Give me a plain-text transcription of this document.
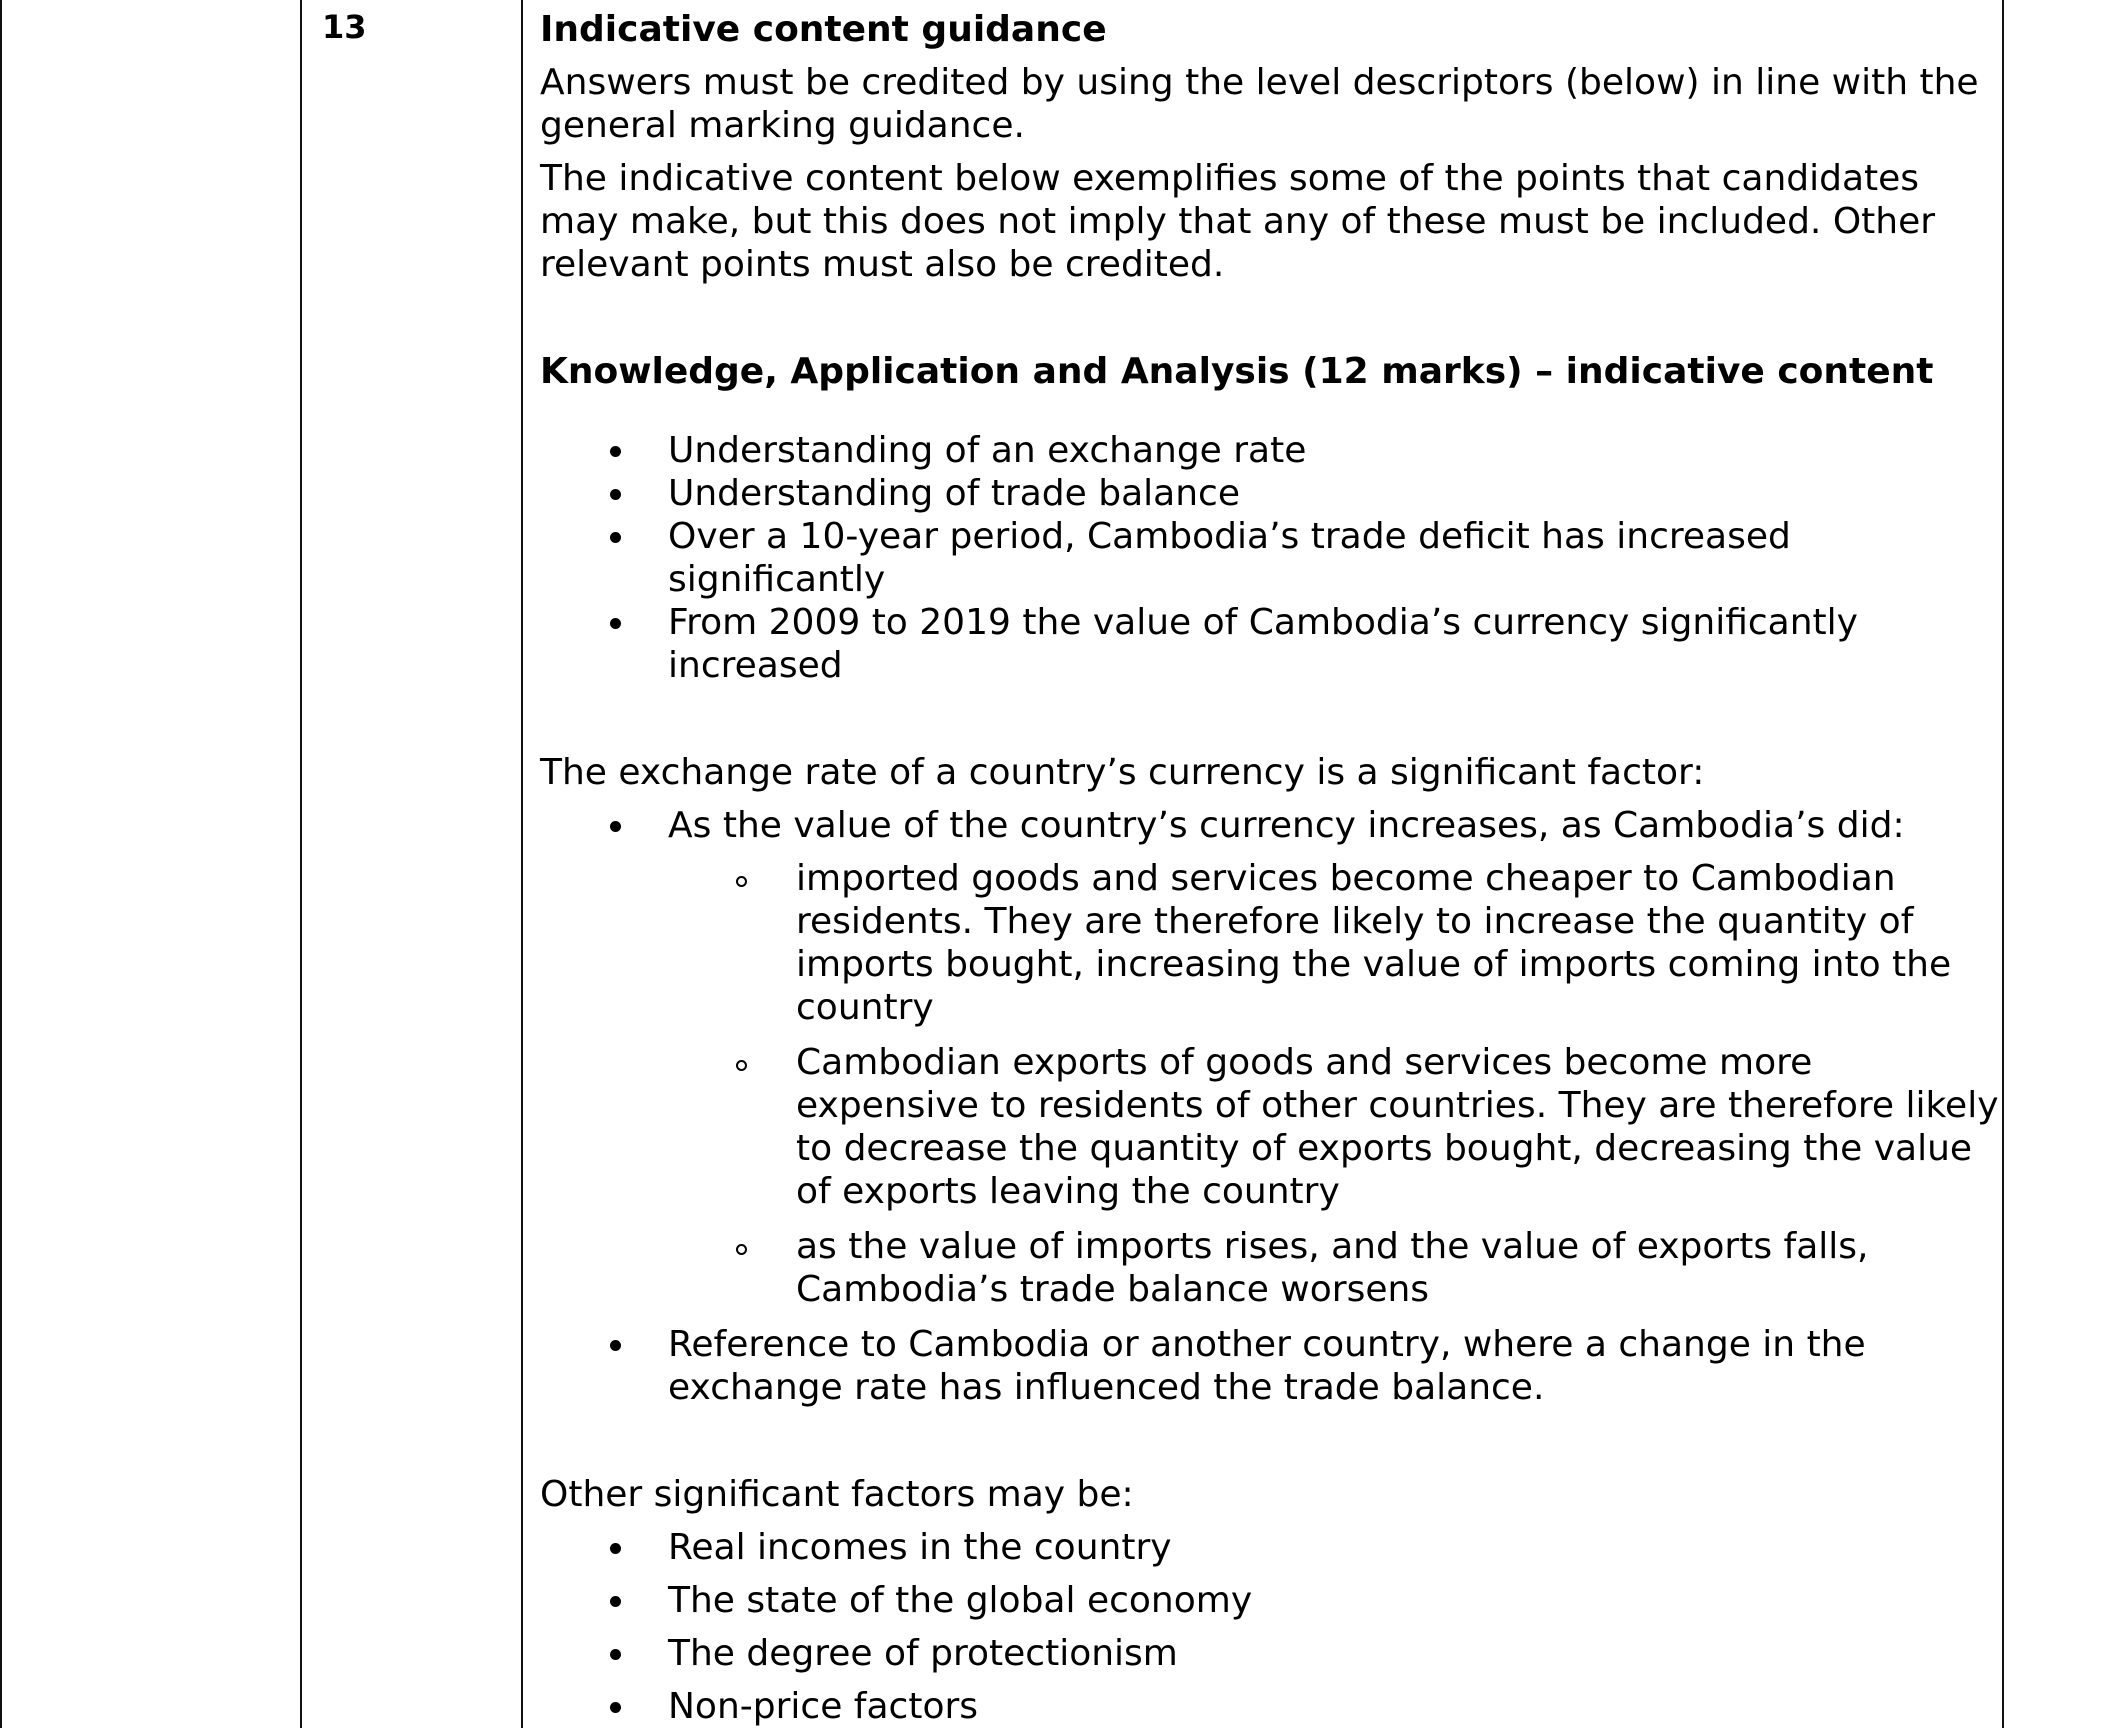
13	Indicative content guidance

Answers must be credited by using the level descriptors (below) in line with the general marking guidance.

The indicative content below exemplifies some of the points that candidates may make, but this does not imply that any of these must be included. Other relevant points must also be credited.

Knowledge, Application and Analysis (12 marks) – indicative content

Understanding of an exchange rate
Understanding of trade balance
Over a 10-year period, Cambodia’s trade deficit has increased significantly
From 2009 to 2019 the value of Cambodia’s currency significantly increased

The exchange rate of a country’s currency is a significant factor:

As the value of the country’s currency increases, as Cambodia’s did:
imported goods and services become cheaper to Cambodian residents. They are therefore likely to increase the quantity of imports bought, increasing the value of imports coming into the country
Cambodian exports of goods and services become more expensive to residents of other countries. They are therefore likely to decrease the quantity of exports bought, decreasing the value of exports leaving the country
as the value of imports rises, and the value of exports falls, Cambodia’s trade balance worsens
Reference to Cambodia or another country, where a change in the exchange rate has influenced the trade balance.

Other significant factors may be:

Real incomes in the country
The state of the global economy
The degree of protectionism
Non-price factors
